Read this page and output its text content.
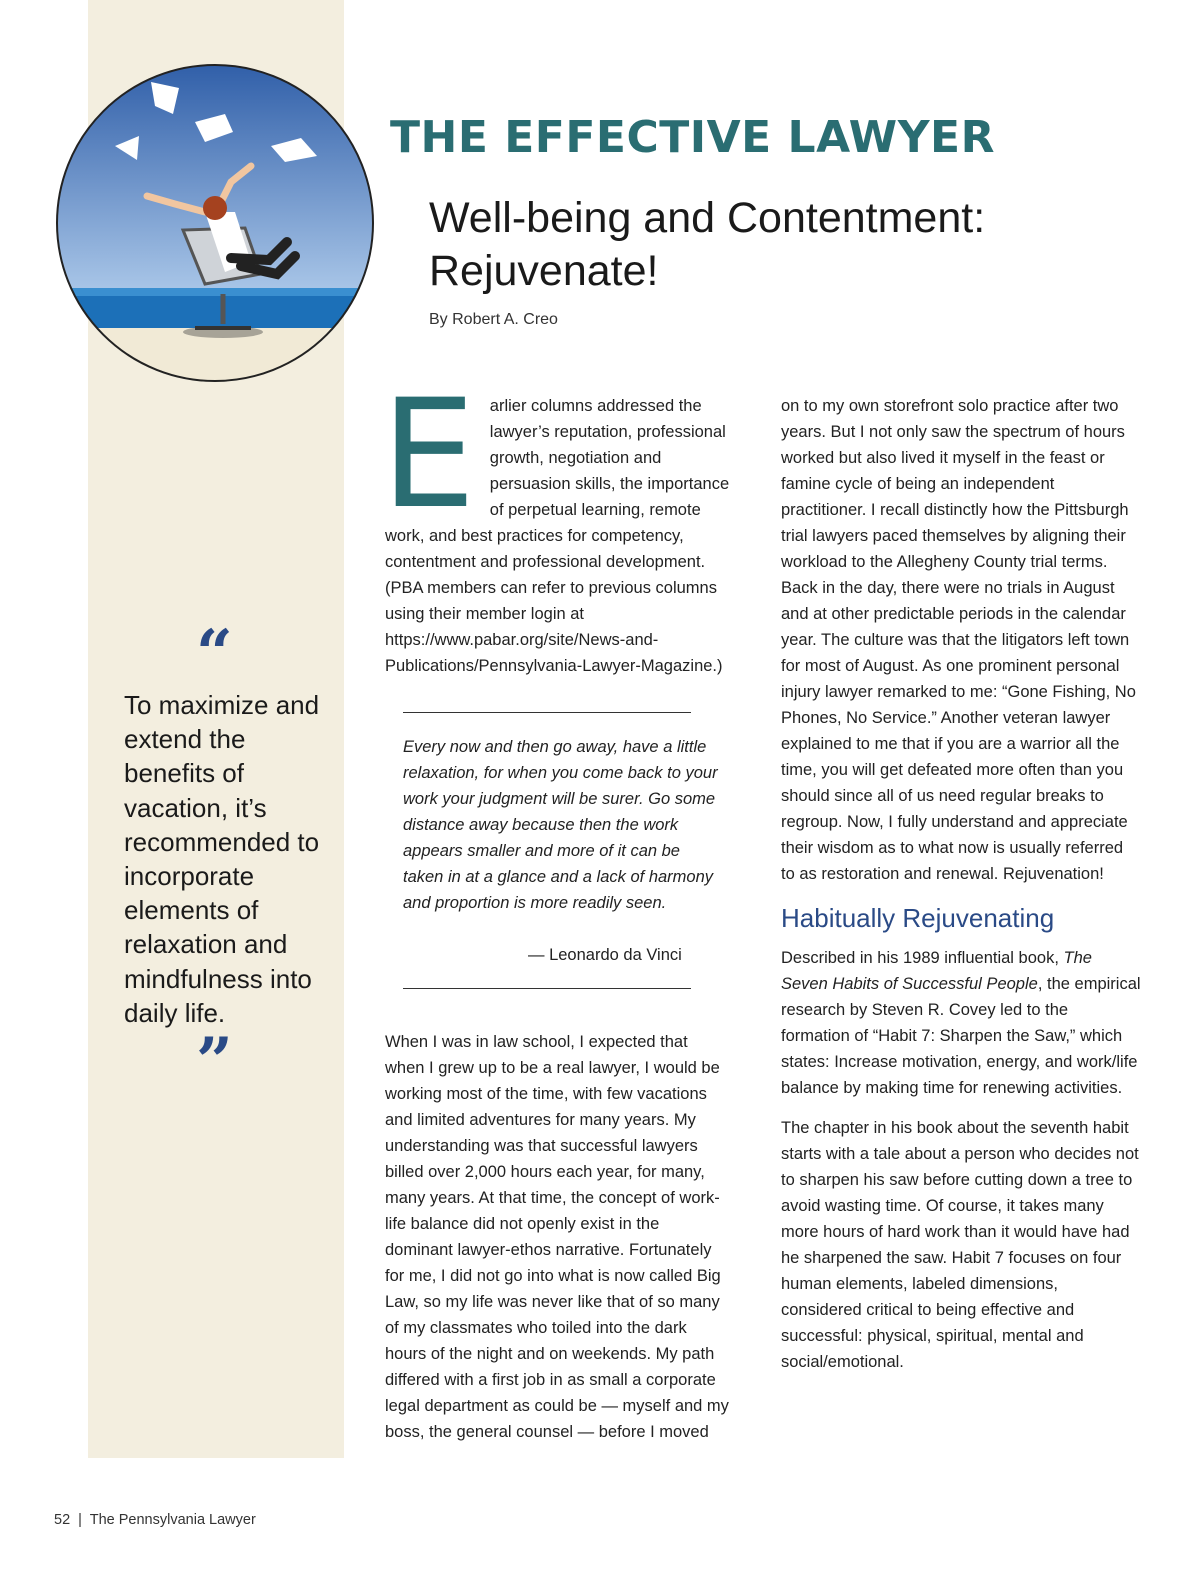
THE EFFECTIVE LAWYER
Well-being and Contentment:
Rejuvenate!
By Robert A. Creo
“

To maximize and extend the benefits of vacation, it’s recommended to incorporate elements of relaxation and mindfulness into daily life.

”
E arlier columns addressed the lawyer’s reputation, professional growth, negotiation and persuasion skills, the importance of perpetual learning, remote work, and best practices for competency, contentment and professional development. (PBA members can refer to previous columns using their member login at https://www.pabar.org/site/News-and-Publications/Pennsylvania-Lawyer-Magazine.)

When I was in law school, I expected that when I grew up to be a real lawyer, I would be working most of the time, with few vacations and limited adventures for many years. My understanding was that successful lawyers billed over 2,000 hours each year, for many, many years. At that time, the concept of work-life balance did not openly exist in the dominant lawyer-ethos narrative. Fortunately for me, I did not go into what is now called Big Law, so my life was never like that of so many of my classmates who toiled into the dark hours of the night and on weekends. My path differed with a first job in as small a corporate legal department as could be — myself and my boss, the general counsel — before I moved

Every now and then go away, have a little relaxation, for when you come back to your work your judgment will be surer. Go some distance away because then the work appears smaller and more of it can be taken in at a glance and a lack of harmony and proportion is more readily seen.

— Leonardo da Vinci

on to my own storefront solo practice after two years. But I not only saw the spectrum of hours worked but also lived it myself in the feast or famine cycle of being an independent practitioner. I recall distinctly how the Pittsburgh trial lawyers paced themselves by aligning their workload to the Allegheny County trial terms. Back in the day, there were no trials in August and at other predictable periods in the calendar year. The culture was that the litigators left town for most of August. As one prominent personal injury lawyer remarked to me: “Gone Fishing, No Phones, No Service.” Another veteran lawyer explained to me that if you are a warrior all the time, you will get defeated more often than you should since all of us need regular breaks to regroup. Now, I fully understand and appreciate their wisdom as to what now is usually referred to as restoration and renewal. Rejuvenation!

Habitually Rejuvenating

Described in his 1989 influential book, The Seven Habits of Successful People, the empirical research by Steven R. Covey led to the formation of “Habit 7: Sharpen the Saw,” which states: Increase motivation, energy, and work/life balance by making time for renewing activities.

The chapter in his book about the seventh habit starts with a tale about a person who decides not to sharpen his saw before cutting down a tree to avoid wasting time. Of course, it takes many more hours of hard work than it would have had he sharpened the saw. Habit 7 focuses on four human elements, labeled dimensions, considered critical to being effective and successful: physical, spiritual, mental and social/emotional.

52  |  The Pennsylvania Lawyer
